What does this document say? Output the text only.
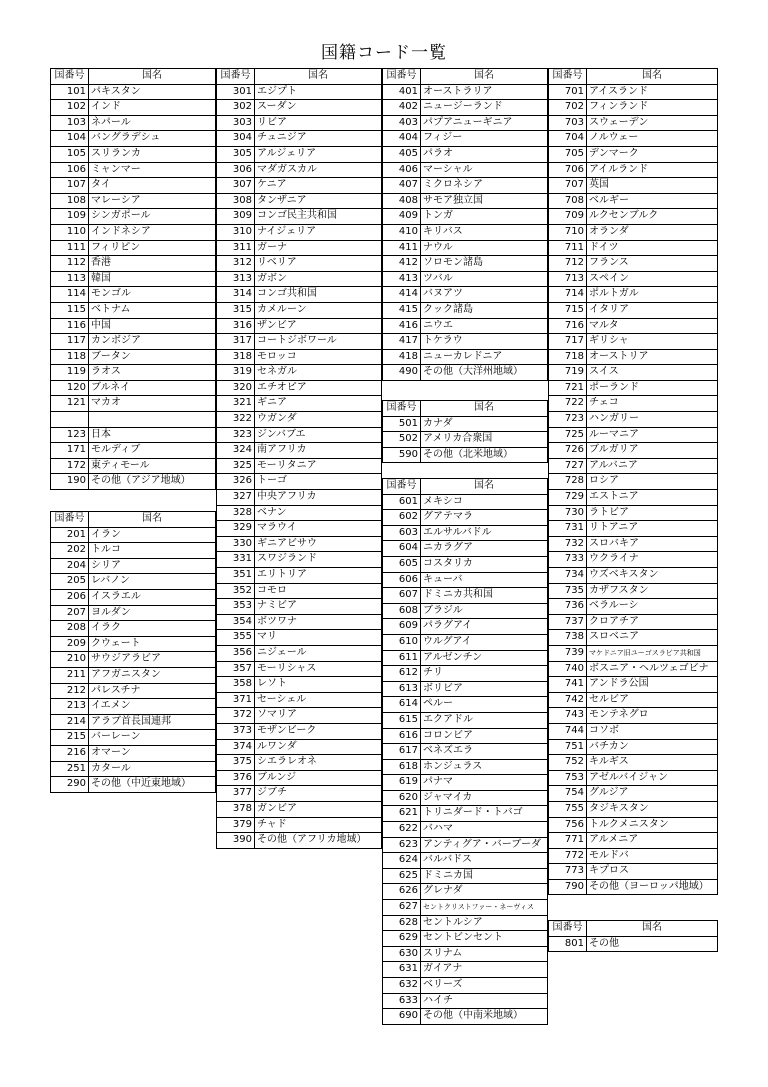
国籍コード一覧
国番号	国名
101	パキスタン
102	インド
103	ネパール
104	バングラデシュ
105	スリランカ
106	ミャンマー
107	タイ
108	マレーシア
109	シンガポール
110	インドネシア
111	フィリピン
112	香港
113	韓国
114	モンゴル
115	ベトナム
116	中国
117	カンボジア
118	ブータン
119	ラオス
120	ブルネイ
121	マカオ

123	日本
171	モルディブ
172	東ティモール
190	その他（アジア地域）
国番号	国名
201	イラン
202	トルコ
204	シリア
205	レバノン
206	イスラエル
207	ヨルダン
208	イラク
209	クウェート
210	サウジアラビア
211	アフガニスタン
212	パレスチナ
213	イエメン
214	アラブ首長国連邦
215	バーレーン
216	オマーン
251	カタール
290	その他（中近東地域）
国番号	国名
301	エジプト
302	スーダン
303	リビア
304	チュニジア
305	アルジェリア
306	マダガスカル
307	ケニア
308	タンザニア
309	コンゴ民主共和国
310	ナイジェリア
311	ガーナ
312	リベリア
313	ガボン
314	コンゴ共和国
315	カメルーン
316	ザンビア
317	コートジボワール
318	モロッコ
319	セネガル
320	エチオピア
321	ギニア
322	ウガンダ
323	ジンバブエ
324	南アフリカ
325	モーリタニア
326	トーゴ
327	中央アフリカ
328	ベナン
329	マラウイ
330	ギニアビサウ
331	スワジランド
351	エリトリア
352	コモロ
353	ナミビア
354	ボツワナ
355	マリ
356	ニジェール
357	モーリシャス
358	レソト
371	セーシェル
372	ソマリア
373	モザンビーク
374	ルワンダ
375	シエラレオネ
376	ブルンジ
377	ジブチ
378	ガンビア
379	チャド
390	その他（アフリカ地域）
国番号	国名
401	オーストラリア
402	ニュージーランド
403	パプアニューギニア
404	フィジー
405	パラオ
406	マーシャル
407	ミクロネシア
408	サモア独立国
409	トンガ
410	キリバス
411	ナウル
412	ソロモン諸島
413	ツバル
414	バヌアツ
415	クック諸島
416	ニウエ
417	トケラウ
418	ニューカレドニア
490	その他（大洋州地域）
国番号	国名
501	カナダ
502	アメリカ合衆国
590	その他（北米地域）
国番号	国名
601	メキシコ
602	グアテマラ
603	エルサルバドル
604	ニカラグア
605	コスタリカ
606	キューバ
607	ドミニカ共和国
608	ブラジル
609	パラグアイ
610	ウルグアイ
611	アルゼンチン
612	チリ
613	ボリビア
614	ペルー
615	エクアドル
616	コロンビア
617	ベネズエラ
618	ホンジュラス
619	パナマ
620	ジャマイカ
621	トリニダード・トバゴ
622	バハマ
623	アンティグア・バーブーダ
624	バルバドス
625	ドミニカ国
626	グレナダ
627	セントクリストファー・ネーヴィス
628	セントルシア
629	セントビンセント
630	スリナム
631	ガイアナ
632	ベリーズ
633	ハイチ
690	その他（中南米地域）
国番号	国名
701	アイスランド
702	フィンランド
703	スウェーデン
704	ノルウェー
705	デンマーク
706	アイルランド
707	英国
708	ベルギー
709	ルクセンブルク
710	オランダ
711	ドイツ
712	フランス
713	スペイン
714	ポルトガル
715	イタリア
716	マルタ
717	ギリシャ
718	オーストリア
719	スイス
721	ポーランド
722	チェコ
723	ハンガリー
725	ルーマニア
726	ブルガリア
727	アルバニア
728	ロシア
729	エストニア
730	ラトビア
731	リトアニア
732	スロバキア
733	ウクライナ
734	ウズベキスタン
735	カザフスタン
736	ベラルーシ
737	クロアチア
738	スロベニア
739	マケドニア旧ユーゴスラビア共和国
740	ボスニア・ヘルツェゴビナ
741	アンドラ公国
742	セルビア
743	モンテネグロ
744	コソボ
751	バチカン
752	キルギス
753	アゼルバイジャン
754	グルジア
755	タジキスタン
756	トルクメニスタン
771	アルメニア
772	モルドバ
773	キプロス
790	その他（ヨーロッパ地域）
国番号	国名
801	その他
